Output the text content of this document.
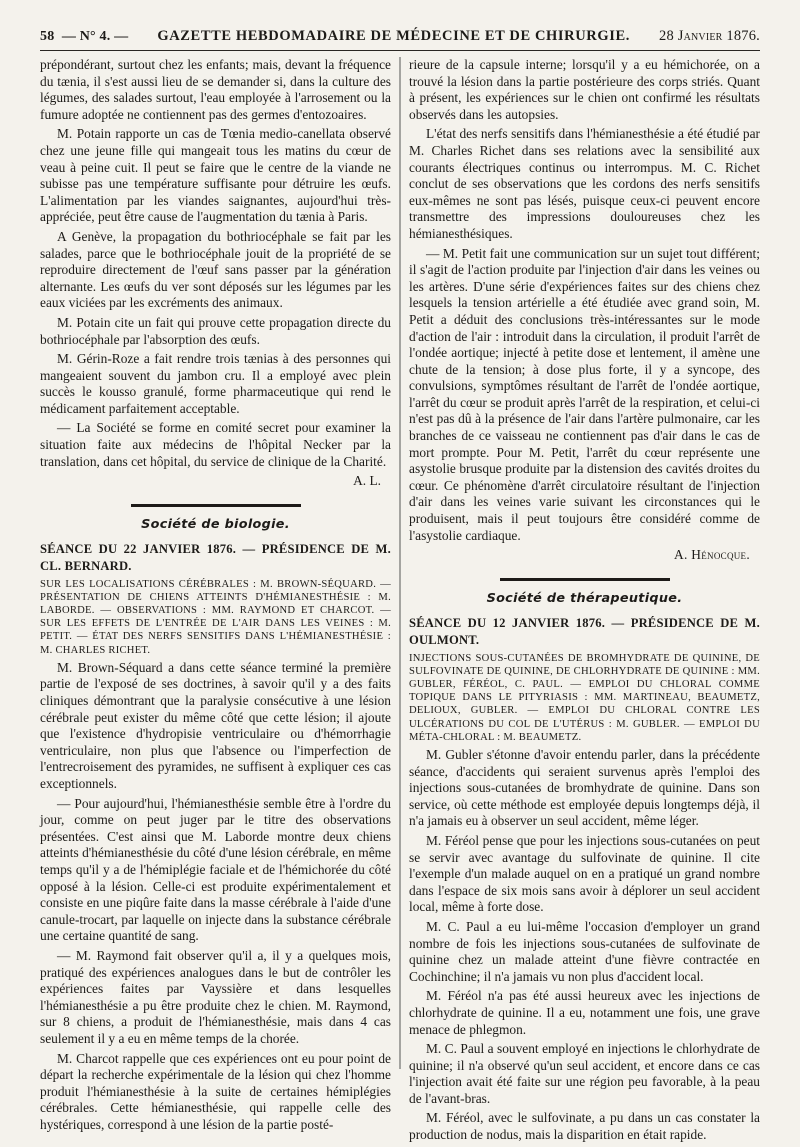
58 — N° 4. — GAZETTE HEBDOMADAIRE DE MÉDECINE ET DE CHIRURGIE. 28 Janvier 1876.

prépondérant, surtout chez les enfants; mais, devant la fréquence du tænia, il s'est aussi lieu de se demander si, dans la culture des légumes, des salades surtout, l'eau employée à l'arrosement ou la fumure adoptée ne contiennent pas des germes d'entozoaires.

M. Potain rapporte un cas de Tœnia medio-canellata observé chez une jeune fille qui mangeait tous les matins du cœur de veau à peine cuit. Il peut se faire que le centre de la viande ne subisse pas une température suffisante pour détruire les œufs. L'alimentation par les viandes saignantes, aujourd'hui très-appréciée, peut être cause de l'augmentation du tænia à Paris.

A Genève, la propagation du bothriocéphale se fait par les salades, parce que le bothriocéphale jouit de la propriété de se reproduire directement de l'œuf sans passer par la génération alternante. Les œufs du ver sont déposés sur les légumes par les eaux viciées par les excréments des animaux.

M. Potain cite un fait qui prouve cette propagation directe du bothriocéphale par l'absorption des œufs.

M. Gérin-Roze a fait rendre trois tænias à des personnes qui mangeaient souvent du jambon cru. Il a employé avec plein succès le kousso granulé, forme pharmaceutique qui rend le médicament parfaitement acceptable.

— La Société se forme en comité secret pour examiner la situation faite aux médecins de l'hôpital Necker par la translation, dans cet hôpital, du service de clinique de la Charité.

A. L.
Société de biologie.

SÉANCE DU 22 JANVIER 1876. — PRÉSIDENCE DE M. CL. BERNARD.

SUR LES LOCALISATIONS CÉRÉBRALES : M. BROWN-SÉQUARD. — PRÉSENTATION DE CHIENS ATTEINTS D'HÉMIANESTHÉSIE : M. LABORDE. — OBSERVATIONS : MM. RAYMOND ET CHARCOT. — SUR LES EFFETS DE L'ENTRÉE DE L'AIR DANS LES VEINES : M. PETIT. — ÉTAT DES NERFS SENSITIFS DANS L'HÉMIANESTHÉSIE : M. CHARLES RICHET.

M. Brown-Séquard a dans cette séance terminé la première partie de l'exposé de ses doctrines, à savoir qu'il y a des faits cliniques démontrant que la paralysie consécutive à une lésion cérébrale peut exister du même côté que cette lésion; il ajoute que l'existence d'hydropisie ventriculaire ou d'hémorrhagie ventriculaire, non plus que l'absence ou l'imperfection de l'entrecroisement des pyramides, ne suffisent à expliquer ces cas exceptionnels.

— Pour aujourd'hui, l'hémianesthésie semble être à l'ordre du jour, comme on peut juger par le titre des observations présentées. C'est ainsi que M. Laborde montre deux chiens atteints d'hémianesthésie du côté d'une lésion cérébrale, en même temps qu'il y a de l'hémiplégie faciale et de l'hémichorée du côté opposé à la lésion. Celle-ci est produite expérimentalement et consiste en une piqûre faite dans la masse cérébrale à l'aide d'une canule-trocart, par laquelle on injecte dans la substance cérébrale une certaine quantité de sang.

— M. Raymond fait observer qu'il a, il y a quelques mois, pratiqué des expériences analogues dans le but de contrôler les expériences faites par Vayssière et dans lesquelles l'hémianesthésie a pu être produite chez le chien. M. Raymond, sur 8 chiens, a produit de l'hémianesthésie, mais dans 4 cas seulement il y a eu en même temps de la chorée.

M. Charcot rappelle que ces expériences ont eu pour point de départ la recherche expérimentale de la lésion qui chez l'homme produit l'hémianesthésie à la suite de certaines hémiplégies cérébrales. Cette hémianesthésie, qui rappelle celle des hystériques, correspond à une lésion de la partie posté-

rieure de la capsule interne; lorsqu'il y a eu hémichorée, on a trouvé la lésion dans la partie postérieure des corps striés. Quant à présent, les expériences sur le chien ont confirmé les résultats observés dans les autopsies.

L'état des nerfs sensitifs dans l'hémianesthésie a été étudié par M. Charles Richet dans ses relations avec la sensibilité aux courants électriques continus ou interrompus. M. C. Richet conclut de ses observations que les cordons des nerfs sensitifs eux-mêmes ne sont pas lésés, puisque ceux-ci peuvent encore transmettre des impressions douloureuses chez les hémianesthésiques.

— M. Petit fait une communication sur un sujet tout différent; il s'agit de l'action produite par l'injection d'air dans les veines ou les artères. D'une série d'expériences faites sur des chiens chez lesquels la tension artérielle a été étudiée avec grand soin, M. Petit a déduit des conclusions très-intéressantes sur le mode d'action de l'air : introduit dans la circulation, il produit l'arrêt de l'ondée aortique; injecté à petite dose et lentement, il amène une chute de la tension; à dose plus forte, il y a syncope, des convulsions, symptômes résultant de l'arrêt de l'ondée aortique, l'arrêt du cœur se produit après l'arrêt de la respiration, et celui-ci n'est pas dû à la présence de l'air dans l'artère pulmonaire, car les branches de ce vaisseau ne contiennent pas d'air dans le cas de mort prompte. Pour M. Petit, l'arrêt du cœur représente une asystolie brusque produite par la distension des cavités droites du cœur. Ce phénomène d'arrêt circulatoire résultant de l'injection d'air dans les veines varie suivant les circonstances qui le produisent, mais il peut toujours être considéré comme de l'asystolie cardiaque.

A. Hénocque.
Société de thérapeutique.

SÉANCE DU 12 JANVIER 1876. — PRÉSIDENCE DE M. OULMONT.

INJECTIONS SOUS-CUTANÉES DE BROMHYDRATE DE QUININE, DE SULFOVINATE DE QUININE, DE CHLORHYDRATE DE QUININE : MM. GUBLER, FÉRÉOL, C. PAUL. — EMPLOI DU CHLORAL COMME TOPIQUE DANS LE PITYRIASIS : MM. MARTINEAU, BEAUMETZ, DELIOUX, GUBLER. — EMPLOI DU CHLORAL CONTRE LES ULCÉRATIONS DU COL DE L'UTÉRUS : M. GUBLER. — EMPLOI DU MÉTA-CHLORAL : M. BEAUMETZ.

M. Gubler s'étonne d'avoir entendu parler, dans la précédente séance, d'accidents qui seraient survenus après l'emploi des injections sous-cutanées de bromhydrate de quinine. Dans son service, où cette méthode est employée depuis longtemps déjà, il n'a jamais eu à observer un seul accident, même léger.

M. Féréol pense que pour les injections sous-cutanées on peut se servir avec avantage du sulfovinate de quinine. Il cite l'exemple d'un malade auquel on en a pratiqué un grand nombre dans l'espace de six mois sans avoir à déplorer un seul accident local, même à forte dose.

M. C. Paul a eu lui-même l'occasion d'employer un grand nombre de fois les injections sous-cutanées de sulfovinate de quinine chez un malade atteint d'une fièvre contractée en Cochinchine; il n'a jamais vu non plus d'accident local.

M. Féréol n'a pas été aussi heureux avec les injections de chlorhydrate de quinine. Il a eu, notamment une fois, une grave menace de phlegmon.

M. C. Paul a souvent employé en injections le chlorhydrate de quinine; il n'a observé qu'un seul accident, et encore dans ce cas l'injection avait été faite sur une région peu favorable, à la peau de l'avant-bras.

M. Féréol, avec le sulfovinate, a pu dans un cas constater la production de nodus, mais la disparition en était rapide.
